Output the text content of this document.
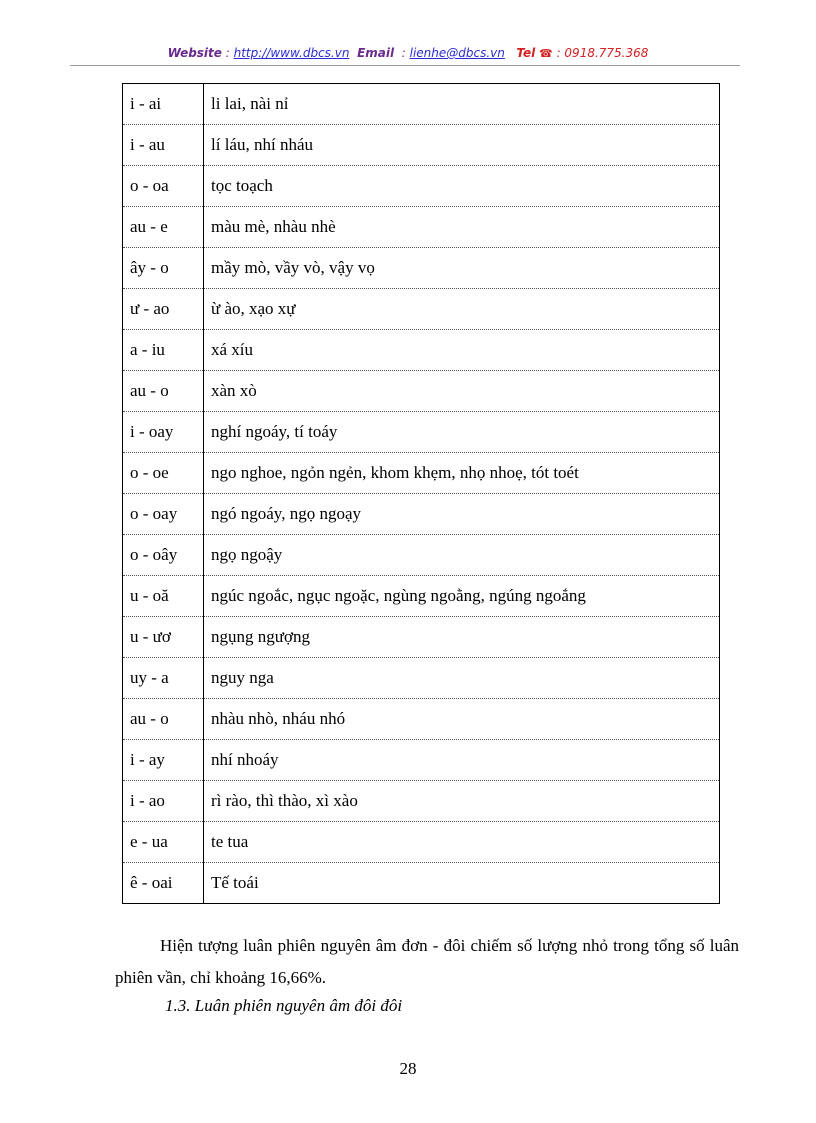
Website : http://www.dbcs.vn Email  : lienhe@dbcs.vn Tel ☎ : 0918.775.368
i - ai	li lai, nài nỉ
i - au	lí láu, nhí nháu
o - oa	tọc toạch
au - e	màu mè, nhàu nhè
ây - o	mầy mò, vầy vò, vậy vọ
ư - ao	ừ ào, xạo xự
a - iu	xá xíu
au - o	xàn xò
i - oay	nghí ngoáy, tí toáy
o - oe	ngo nghoe, ngỏn ngẻn, khom khẹm, nhọ nhoẹ, tót toét
o - oay	ngó ngoáy, ngọ ngoạy
o - oây	ngọ ngoậy
u - oă	ngúc ngoắc, ngục ngoặc, ngùng ngoằng, ngúng ngoắng
u - ươ	ngụng ngượng
uy - a	nguy nga
au - o	nhàu nhò, nháu nhó
i - ay	nhí nhoáy
i - ao	rì rào, thì thào, xì xào
e - ua	te tua
ê - oai	Tế toái

Hiện tượng luân phiên nguyên âm đơn - đôi chiếm số lượng nhỏ trong tổng số luân phiên vần, chỉ khoảng 16,66%.

1.3. Luân phiên nguyên âm đôi đôi

28
